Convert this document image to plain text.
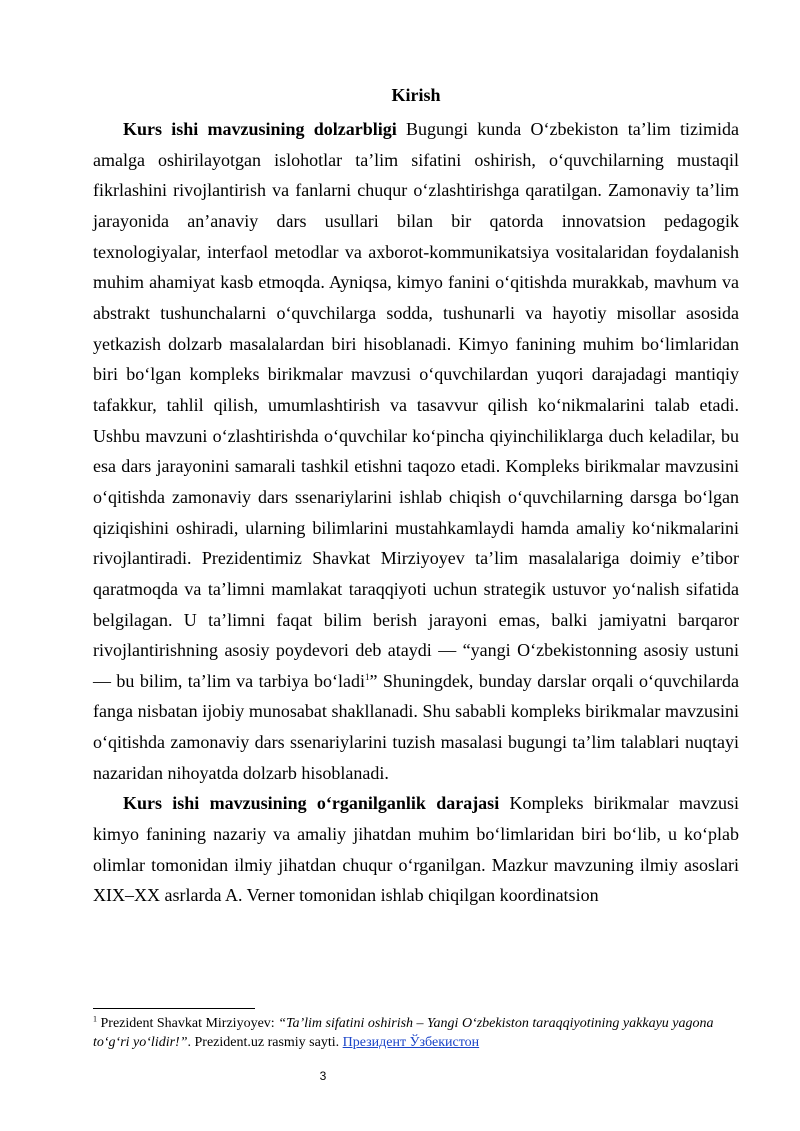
Kirish

Kurs ishi mavzusining dolzarbligi Bugungi kunda O‘zbekiston ta’lim tizimida amalga oshirilayotgan islohotlar ta’lim sifatini oshirish, o‘quvchilarning mustaqil fikrlashini rivojlantirish va fanlarni chuqur o‘zlashtirishga qaratilgan. Zamonaviy ta’lim jarayonida an’anaviy dars usullari bilan bir qatorda innovatsion pedagogik texnologiyalar, interfaol metodlar va axborot-kommunikatsiya vositalaridan foydalanish muhim ahamiyat kasb etmoqda. Ayniqsa, kimyo fanini o‘qitishda murakkab, mavhum va abstrakt tushunchalarni o‘quvchilarga sodda, tushunarli va hayotiy misollar asosida yetkazish dolzarb masalalardan biri hisoblanadi. Kimyo fanining muhim bo‘limlaridan biri bo‘lgan kompleks birikmalar mavzusi o‘quvchilardan yuqori darajadagi mantiqiy tafakkur, tahlil qilish, umumlashtirish va tasavvur qilish ko‘nikmalarini talab etadi. Ushbu mavzuni o‘zlashtirishda o‘quvchilar ko‘pincha qiyinchiliklarga duch keladilar, bu esa dars jarayonini samarali tashkil etishni taqozo etadi. Kompleks birikmalar mavzusini o‘qitishda zamonaviy dars ssenariylarini ishlab chiqish o‘quvchilarning darsga bo‘lgan qiziqishini oshiradi, ularning bilimlarini mustahkamlaydi hamda amaliy ko‘nikmalarini rivojlantiradi. Prezidentimiz Shavkat Mirziyoyev ta’lim masalalariga doimiy e’tibor qaratmoqda va ta’limni mamlakat taraqqiyoti uchun strategik ustuvor yo‘nalish sifatida belgilagan. U ta’limni faqat bilim berish jarayoni emas, balki jamiyatni barqaror rivojlantirishning asosiy poydevori deb ataydi — “yangi O‘zbekistonning asosiy ustuni — bu bilim, ta’lim va tarbiya bo‘ladi$^1$” Shuningdek, bunday darslar orqali o‘quvchilarda fanga nisbatan ijobiy munosabat shakllanadi. Shu sababli kompleks birikmalar mavzusini o‘qitishda zamonaviy dars ssenariylarini tuzish masalasi bugungi ta’lim talablari nuqtayi nazaridan nihoyatda dolzarb hisoblanadi.

Kurs ishi mavzusining o‘rganilganlik darajasi Kompleks birikmalar mavzusi kimyo fanining nazariy va amaliy jihatdan muhim bo‘limlaridan biri bo‘lib, u ko‘plab olimlar tomonidan ilmiy jihatdan chuqur o‘rganilgan. Mazkur mavzuning ilmiy asoslari XIX–XX asrlarda A. Verner tomonidan ishlab chiqilgan koordinatsion

$^1$ Prezident Shavkat Mirziyoyev: “Ta’lim sifatini oshirish – Yangi O‘zbekiston taraqqiyotining yakkayu yagona to‘g‘ri yo‘lidir!”. Prezident.uz rasmiy sayti. Президент Ўзбекистон
3
